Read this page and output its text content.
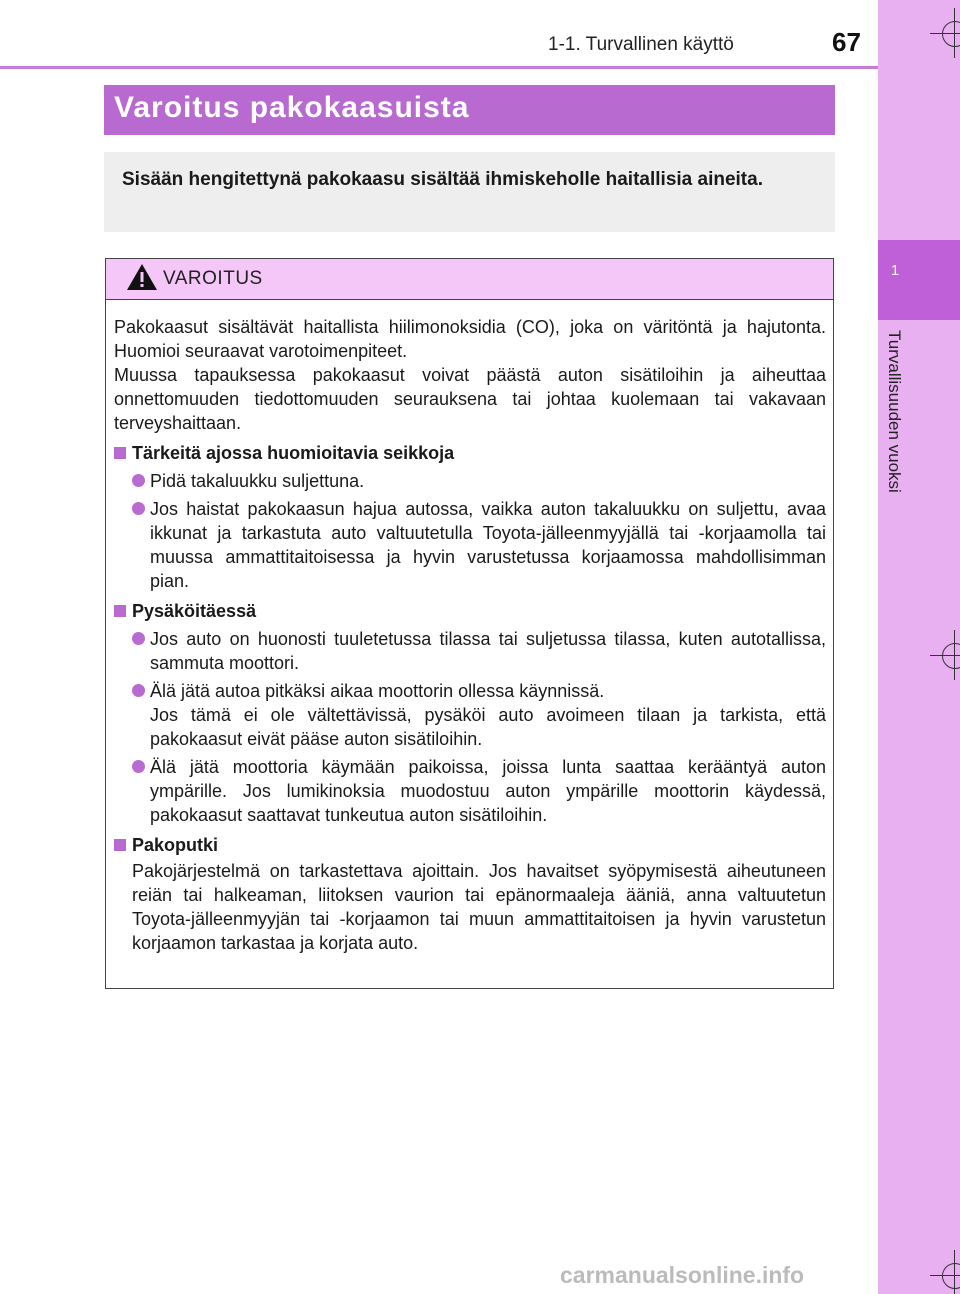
1-1. Turvallinen käyttö	67
1
Turvallisuuden vuoksi
Varoitus pakokaasuista
Sisään hengitettynä pakokaasu sisältää ihmiskeholle haitallisia aineita.
VAROITUS

Pakokaasut sisältävät haitallista hiilimonoksidia (CO), joka on väritöntä ja hajutonta. Huomioi seuraavat varotoimenpiteet.

Muussa tapauksessa pakokaasut voivat päästä auton sisätiloihin ja aiheuttaa onnettomuuden tiedottomuuden seurauksena tai johtaa kuolemaan tai vakavaan terveyshaittaan.

Tärkeitä ajossa huomioitavia seikkoja
Pidä takaluukku suljettuna.
Jos haistat pakokaasun hajua autossa, vaikka auton takaluukku on suljettu, avaa ikkunat ja tarkastuta auto valtuutetulla Toyota-jälleenmyyjällä tai -korjaamolla tai muussa ammattitaitoisessa ja hyvin varustetussa korjaamossa mahdollisimman pian.
Pysäköitäessä
Jos auto on huonosti tuuletetussa tilassa tai suljetussa tilassa, kuten autotallissa, sammuta moottori.
Älä jätä autoa pitkäksi aikaa moottorin ollessa käynnissä.
Jos tämä ei ole vältettävissä, pysäköi auto avoimeen tilaan ja tarkista, että pakokaasut eivät pääse auton sisätiloihin.
Älä jätä moottoria käymään paikoissa, joissa lunta saattaa kerääntyä auton ympärille. Jos lumikinoksia muodostuu auton ympärille moottorin käydessä, pakokaasut saattavat tunkeutua auton sisätiloihin.
Pakoputki

Pakojärjestelmä on tarkastettava ajoittain. Jos havaitset syöpymisestä aiheutuneen reiän tai halkeaman, liitoksen vaurion tai epänormaaleja ääniä, anna valtuutetun Toyota-jälleenmyyjän tai -korjaamon tai muun ammattitaitoisen ja hyvin varustetun korjaamon tarkastaa ja korjata auto.

carmanualsonline.info
